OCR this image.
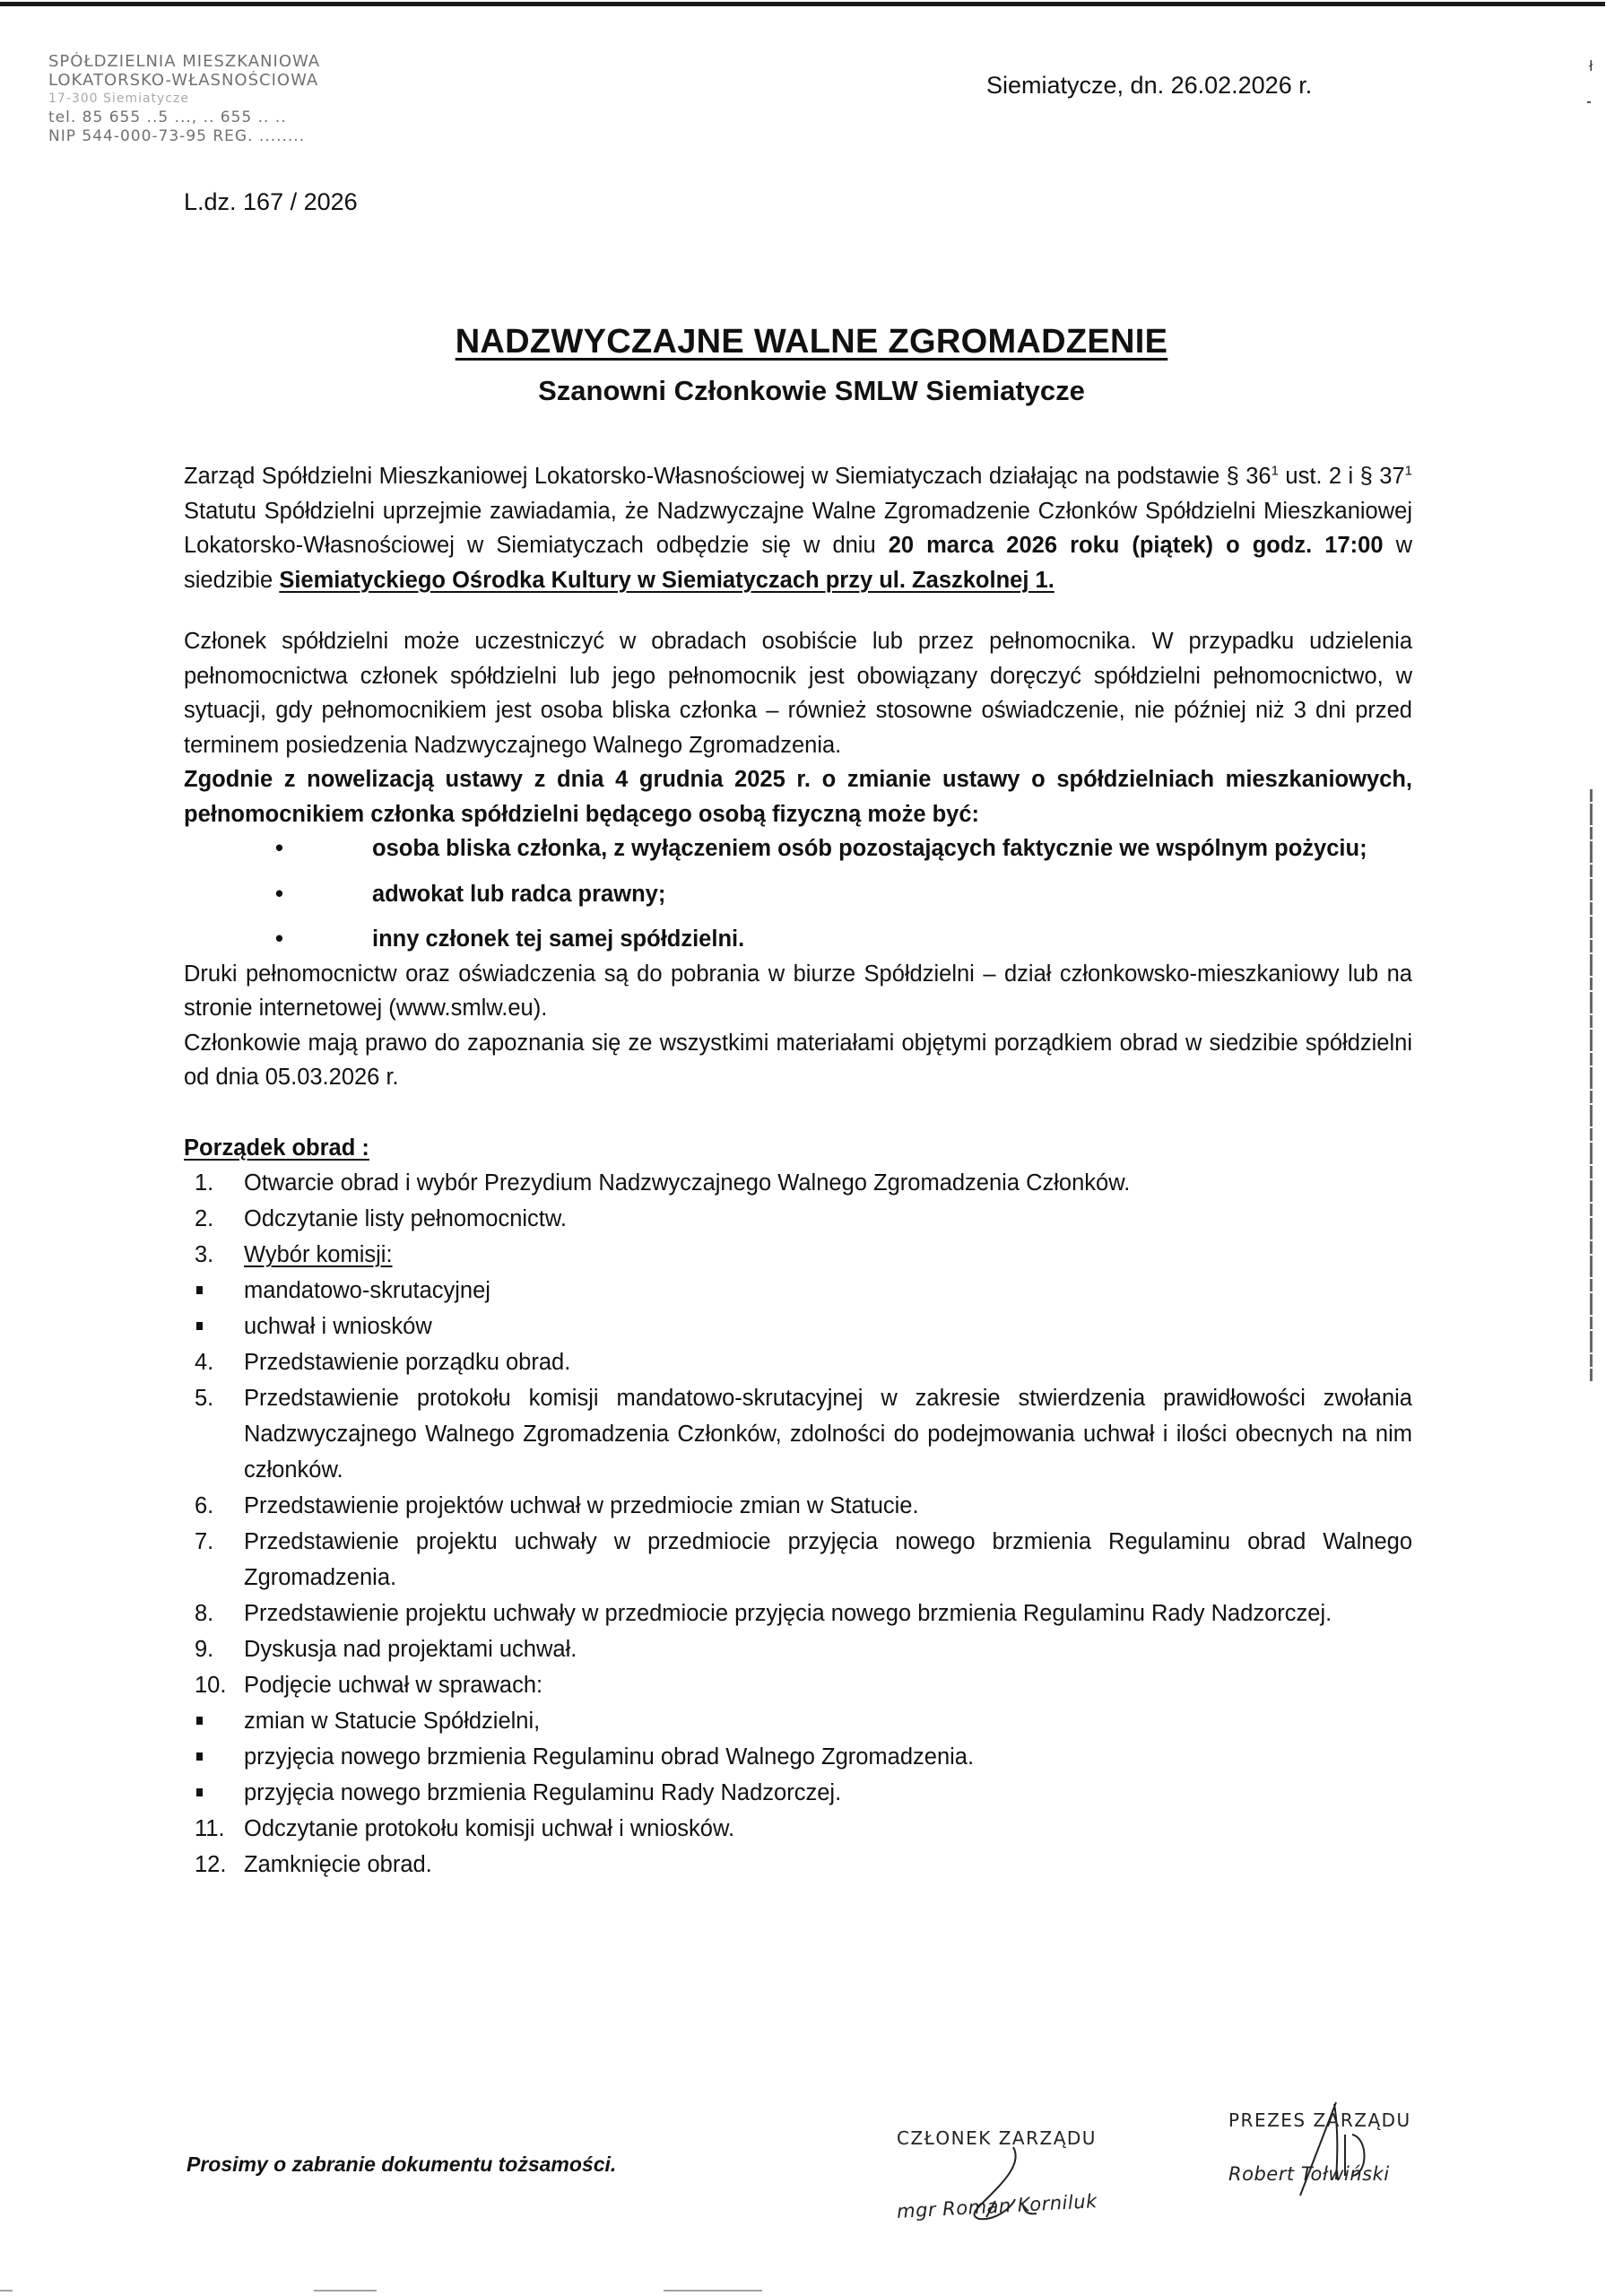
ł
SPÓŁDZIELNIA MIESZKANIOWA
LOKATORSKO-WŁASNOŚCIOWA
17-300 Siemiatycze
tel. 85 655 ..5 ..., .. 655 .. ..
NIP 544-000-73-95 REG. ........
L.dz. 167 / 2026
Siemiatycze, dn. 26.02.2026 r.
NADZWYCZAJNE WALNE ZGROMADZENIE
Szanowni Członkowie SMLW Siemiatycze

Zarząd Spółdzielni Mieszkaniowej Lokatorsko-Własnościowej w Siemiatyczach działając na podstawie § $36^1$ ust. 2 i § $37^1$ Statutu Spółdzielni uprzejmie zawiadamia, że Nadzwyczajne Walne Zgromadzenie Członków Spółdzielni Mieszkaniowej Lokatorsko-Własnościowej w Siemiatyczach odbędzie się w dniu 20 marca 2026 roku (piątek) o godz. 17:00 w siedzibie Siemiatyckiego Ośrodka Kultury w Siemiatyczach przy ul. Zaszkolnej 1.

Członek spółdzielni może uczestniczyć w obradach osobiście lub przez pełnomocnika. W przypadku udzielenia pełnomocnictwa członek spółdzielni lub jego pełnomocnik jest obowiązany doręczyć spółdzielni pełnomocnictwo, w sytuacji, gdy pełnomocnikiem jest osoba bliska członka – również stosowne oświadczenie, nie później niż 3 dni przed terminem posiedzenia Nadzwyczajnego Walnego Zgromadzenia.

Zgodnie z nowelizacją ustawy z dnia 4 grudnia 2025 r. o zmianie ustawy o spółdzielniach mieszkaniowych, pełnomocnikiem członka spółdzielni będącego osobą fizyczną może być:

•	osoba bliska członka, z wyłączeniem osób pozostających faktycznie we wspólnym pożyciu;
•	adwokat lub radca prawny;
•	inny członek tej samej spółdzielni.

Druki pełnomocnictw oraz oświadczenia są do pobrania w biurze Spółdzielni – dział członkowsko-mieszkaniowy lub na stronie internetowej (www.smlw.eu).

Członkowie mają prawo do zapoznania się ze wszystkimi materiałami objętymi porządkiem obrad w siedzibie spółdzielni od dnia 05.03.2026 r.

Porządek obrad :

1. Otwarcie obrad i wybór Prezydium Nadzwyczajnego Walnego Zgromadzenia Członków.
2. Odczytanie listy pełnomocnictw.
3. Wybór komisji:
mandatowo-skrutacyjnej
uchwał i wniosków
4. Przedstawienie porządku obrad.
5. Przedstawienie protokołu komisji mandatowo-skrutacyjnej w zakresie stwierdzenia prawidłowości zwołania Nadzwyczajnego Walnego Zgromadzenia Członków, zdolności do podejmowania uchwał i ilości obecnych na nim członków.
6. Przedstawienie projektów uchwał w przedmiocie zmian w Statucie.
7. Przedstawienie projektu uchwały w przedmiocie przyjęcia nowego brzmienia Regulaminu obrad Walnego Zgromadzenia.
8. Przedstawienie projektu uchwały w przedmiocie przyjęcia nowego brzmienia Regulaminu Rady Nadzorczej.
9. Dyskusja nad projektami uchwał.
10. Podjęcie uchwał w sprawach:
zmian w Statucie Spółdzielni,
przyjęcia nowego brzmienia Regulaminu obrad Walnego Zgromadzenia.
przyjęcia nowego brzmienia Regulaminu Rady Nadzorczej.
11. Odczytanie protokołu komisji uchwał i wniosków.
12. Zamknięcie obrad.
Prosimy o zabranie dokumentu tożsamości.
CZŁONEK ZARZĄDU
mgr Roman Korniluk
PREZES ZARZĄDU
Robert Tołwiński
